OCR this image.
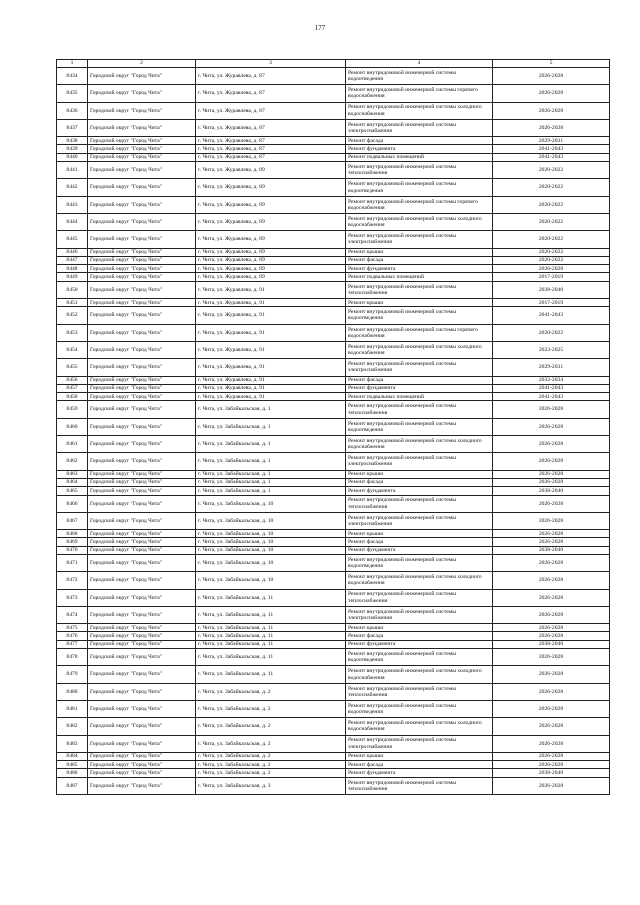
177
1	2	3	4	5
8434	Городской округ "Город Чита"	г. Чита, ул. Журавлева, д. 87	Ремонт внутридомовой инженерной системы водоотведения	2026-2028
8435	Городской округ "Город Чита"	г. Чита, ул. Журавлева, д. 87	Ремонт внутридомовой инженерной системы горячего водоснабжения	2026-2028
8436	Городской округ "Город Чита"	г. Чита, ул. Журавлева, д. 87	Ремонт внутридомовой инженерной системы холодного водоснабжения	2026-2028
8437	Городской округ "Город Чита"	г. Чита, ул. Журавлева, д. 87	Ремонт внутридомовой инженерной системы электроснабжения	2026-2028
8438	Городской округ "Город Чита"	г. Чита, ул. Журавлева, д. 87	Ремонт фасада	2029-2031
8439	Городской округ "Город Чита"	г. Чита, ул. Журавлева, д. 87	Ремонт фундамента	2041-2043
8440	Городской округ "Город Чита"	г. Чита, ул. Журавлева, д. 87	Ремонт подвальных помещений	2041-2043
8441	Городской округ "Город Чита"	г. Чита, ул. Журавлева, д. 89	Ремонт внутридомовой инженерной системы теплоснабжения	2020-2022
8442	Городской округ "Город Чита"	г. Чита, ул. Журавлева, д. 89	Ремонт внутридомовой инженерной системы водоотведения	2020-2022
8443	Городской округ "Город Чита"	г. Чита, ул. Журавлева, д. 89	Ремонт внутридомовой инженерной системы горячего водоснабжения	2020-2022
8444	Городской округ "Город Чита"	г. Чита, ул. Журавлева, д. 89	Ремонт внутридомовой инженерной системы холодного водоснабжения	2020-2022
8445	Городской округ "Город Чита"	г. Чита, ул. Журавлева, д. 89	Ремонт внутридомовой инженерной системы электроснабжения	2020-2022
8446	Городской округ "Город Чита"	г. Чита, ул. Журавлева, д. 89	Ремонт крыши	2020-2022
8447	Городской округ "Город Чита"	г. Чита, ул. Журавлева, д. 89	Ремонт фасада	2020-2022
8448	Городской округ "Город Чита"	г. Чита, ул. Журавлева, д. 89	Ремонт фундамента	2026-2028
8449	Городской округ "Город Чита"	г. Чита, ул. Журавлева, д. 89	Ремонт подвальных помещений	2017-2019
8450	Городской округ "Город Чита"	г. Чита, ул. Журавлева, д. 91	Ремонт внутридомовой инженерной системы теплоснабжения	2038-2040
8451	Городской округ "Город Чита"	г. Чита, ул. Журавлева, д. 91	Ремонт крыши	2017-2019
8452	Городской округ "Город Чита"	г. Чита, ул. Журавлева, д. 91	Ремонт внутридомовой инженерной системы водоотведения	2041-2043
8453	Городской округ "Город Чита"	г. Чита, ул. Журавлева, д. 91	Ремонт внутридомовой инженерной системы горячего водоснабжения	2020-2022
8454	Городской округ "Город Чита"	г. Чита, ул. Журавлева, д. 91	Ремонт внутридомовой инженерной системы холодного водоснабжения	2023-2025
8455	Городской округ "Город Чита"	г. Чита, ул. Журавлева, д. 91	Ремонт внутридомовой инженерной системы электроснабжения	2029-2031
8456	Городской округ "Город Чита"	г. Чита, ул. Журавлева, д. 91	Ремонт фасада	2032-2034
8457	Городской округ "Город Чита"	г. Чита, ул. Журавлева, д. 91	Ремонт фундамента	2041-2043
8458	Городской округ "Город Чита"	г. Чита, ул. Журавлева, д. 91	Ремонт подвальных помещений	2041-2043
8459	Городской округ "Город Чита"	г. Чита, ул. Забайкальская, д. 1	Ремонт внутридомовой инженерной системы теплоснабжения	2026-2028
8460	Городской округ "Город Чита"	г. Чита, ул. Забайкальская, д. 1	Ремонт внутридомовой инженерной системы водоотведения	2026-2028
8461	Городской округ "Город Чита"	г. Чита, ул. Забайкальская, д. 1	Ремонт внутридомовой инженерной системы холодного водоснабжения	2026-2028
8462	Городской округ "Город Чита"	г. Чита, ул. Забайкальская, д. 1	Ремонт внутридомовой инженерной системы электроснабжения	2026-2028
8463	Городской округ "Город Чита"	г. Чита, ул. Забайкальская, д. 1	Ремонт крыши	2026-2028
8464	Городской округ "Город Чита"	г. Чита, ул. Забайкальская, д. 1	Ремонт фасада	2026-2028
8465	Городской округ "Город Чита"	г. Чита, ул. Забайкальская, д. 1	Ремонт фундамента	2038-2040
8466	Городской округ "Город Чита"	г. Чита, ул. Забайкальская, д. 10	Ремонт внутридомовой инженерной системы теплоснабжения	2026-2028
8467	Городской округ "Город Чита"	г. Чита, ул. Забайкальская, д. 10	Ремонт внутридомовой инженерной системы электроснабжения	2026-2028
8468	Городской округ "Город Чита"	г. Чита, ул. Забайкальская, д. 10	Ремонт крыши	2026-2028
8469	Городской округ "Город Чита"	г. Чита, ул. Забайкальская, д. 10	Ремонт фасада	2026-2028
8470	Городской округ "Город Чита"	г. Чита, ул. Забайкальская, д. 10	Ремонт фундамента	2038-2040
8471	Городской округ "Город Чита"	г. Чита, ул. Забайкальская, д. 10	Ремонт внутридомовой инженерной системы водоотведения	2026-2028
8472	Городской округ "Город Чита"	г. Чита, ул. Забайкальская, д. 10	Ремонт внутридомовой инженерной системы холодного водоснабжения	2026-2028
8473	Городской округ "Город Чита"	г. Чита, ул. Забайкальская, д. 11	Ремонт внутридомовой инженерной системы теплоснабжения	2026-2028
8474	Городской округ "Город Чита"	г. Чита, ул. Забайкальская, д. 11	Ремонт внутридомовой инженерной системы электроснабжения	2026-2028
8475	Городской округ "Город Чита"	г. Чита, ул. Забайкальская, д. 11	Ремонт крыши	2026-2028
8476	Городской округ "Город Чита"	г. Чита, ул. Забайкальская, д. 11	Ремонт фасада	2026-2028
8477	Городской округ "Город Чита"	г. Чита, ул. Забайкальская, д. 11	Ремонт фундамента	2038-2040
8478	Городской округ "Город Чита"	г. Чита, ул. Забайкальская, д. 11	Ремонт внутридомовой инженерной системы водоотведения	2026-2028
8479	Городской округ "Город Чита"	г. Чита, ул. Забайкальская, д. 11	Ремонт внутридомовой инженерной системы холодного водоснабжения	2026-2028
8480	Городской округ "Город Чита"	г. Чита, ул. Забайкальская, д. 2	Ремонт внутридомовой инженерной системы теплоснабжения	2026-2028
8481	Городской округ "Город Чита"	г. Чита, ул. Забайкальская, д. 2	Ремонт внутридомовой инженерной системы водоотведения	2026-2028
8482	Городской округ "Город Чита"	г. Чита, ул. Забайкальская, д. 2	Ремонт внутридомовой инженерной системы холодного водоснабжения	2026-2028
8483	Городской округ "Город Чита"	г. Чита, ул. Забайкальская, д. 2	Ремонт внутридомовой инженерной системы электроснабжения	2026-2028
8484	Городской округ "Город Чита"	г. Чита, ул. Забайкальская, д. 2	Ремонт крыши	2026-2028
8485	Городской округ "Город Чита"	г. Чита, ул. Забайкальская, д. 2	Ремонт фасада	2026-2028
8486	Городской округ "Город Чита"	г. Чита, ул. Забайкальская, д. 2	Ремонт фундамента	2038-2040
8487	Городской округ "Город Чита"	г. Чита, ул. Забайкальская, д. 3	Ремонт внутридомовой инженерной системы теплоснабжения	2026-2028
